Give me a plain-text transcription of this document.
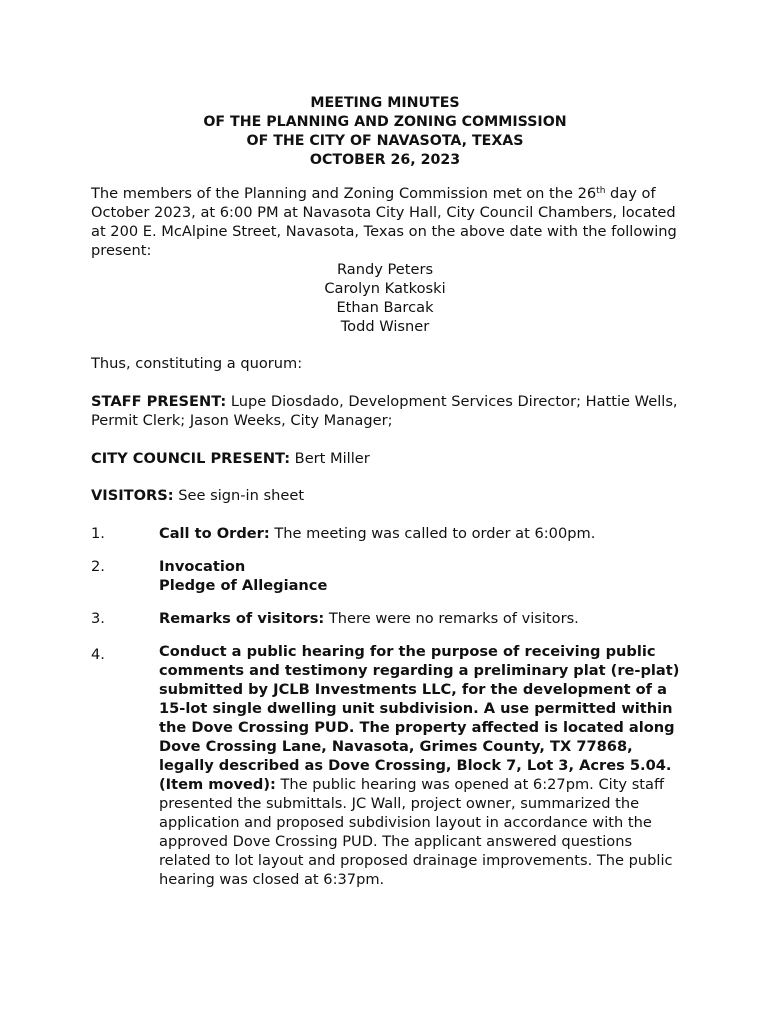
MEETING MINUTES
OF THE PLANNING AND ZONING COMMISSION
OF THE CITY OF NAVASOTA, TEXAS
OCTOBER 26, 2023
The members of the Planning and Zoning Commission met on the 26th day of October 2023, at 6:00 PM at Navasota City Hall, City Council Chambers, located at 200 E. McAlpine Street, Navasota, Texas on the above date with the following present:
Randy Peters
Carolyn Katkoski
Ethan Barcak
Todd Wisner
Thus, constituting a quorum:
STAFF PRESENT: Lupe Diosdado, Development Services Director; Hattie Wells, Permit Clerk; Jason Weeks, City Manager;
CITY COUNCIL PRESENT: Bert Miller
VISITORS: See sign-in sheet
1.	Call to Order: The meeting was called to order at 6:00pm.
2.	Invocation
Pledge of Allegiance
3.	Remarks of visitors: There were no remarks of visitors.
4.	Conduct a public hearing for the purpose of receiving public comments and testimony regarding a preliminary plat (re-plat) submitted by JCLB Investments LLC, for the development of a 15-lot single dwelling unit subdivision. A use permitted within the Dove Crossing PUD. The property affected is located along Dove Crossing Lane, Navasota, Grimes County, TX 77868, legally described as Dove Crossing, Block 7, Lot 3, Acres 5.04. (Item moved): The public hearing was opened at 6:27pm. City staff presented the submittals. JC Wall, project owner, summarized the application and proposed subdivision layout in accordance with the approved Dove Crossing PUD. The applicant answered questions related to lot layout and proposed drainage improvements. The public hearing was closed at 6:37pm.
